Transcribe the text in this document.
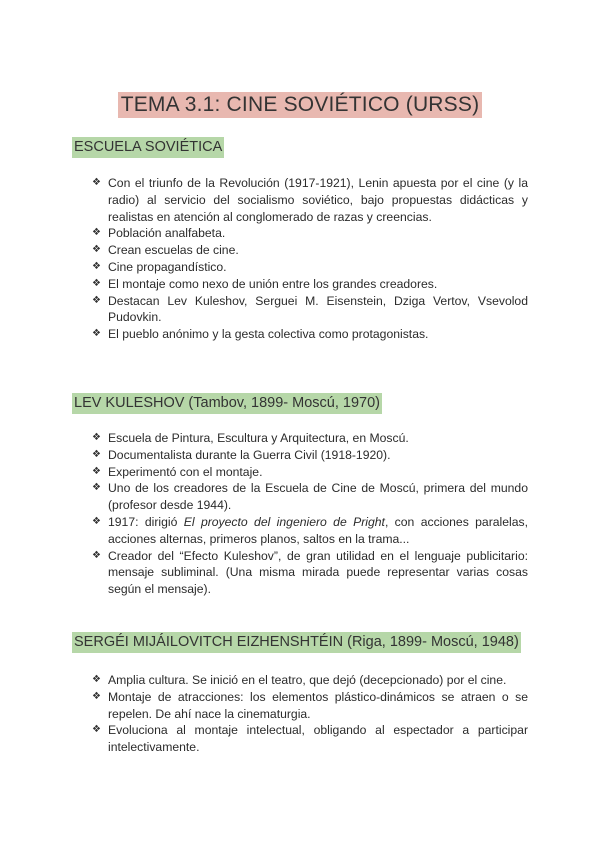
TEMA 3.1: CINE SOVIÉTICO (URSS)
ESCUELA SOVIÉTICA
❖ Con el triunfo de la Revolución (1917-1921), Lenin apuesta por el cine (y la radio) al servicio del socialismo soviético, bajo propuestas didácticas y realistas en atención al conglomerado de razas y creencias.
❖ Población analfabeta.
❖ Crean escuelas de cine.
❖ Cine propagandístico.
❖ El montaje como nexo de unión entre los grandes creadores.
❖ Destacan Lev Kuleshov, Serguei M. Eisenstein, Dziga Vertov, Vsevolod Pudovkin.
❖ El pueblo anónimo y la gesta colectiva como protagonistas.
LEV KULESHOV (Tambov, 1899- Moscú, 1970)
❖ Escuela de Pintura, Escultura y Arquitectura, en Moscú.
❖ Documentalista durante la Guerra Civil (1918-1920).
❖ Experimentó con el montaje.
❖ Uno de los creadores de la Escuela de Cine de Moscú, primera del mundo (profesor desde 1944).
❖ 1917: dirigió El proyecto del ingeniero de Pright, con acciones paralelas, acciones alternas, primeros planos, saltos en la trama...
❖ Creador del “Efecto Kuleshov”, de gran utilidad en el lenguaje publicitario: mensaje subliminal. (Una misma mirada puede representar varias cosas según el mensaje).
SERGÉI MIJÁILOVITCH EIZHENSHTÉIN (Riga, 1899- Moscú, 1948)
❖ Amplia cultura. Se inició en el teatro, que dejó (decepcionado) por el cine.
❖ Montaje de atracciones: los elementos plástico-dinámicos se atraen o se repelen. De ahí nace la cinematurgia.
❖ Evoluciona al montaje intelectual, obligando al espectador a participar intelectivamente.
